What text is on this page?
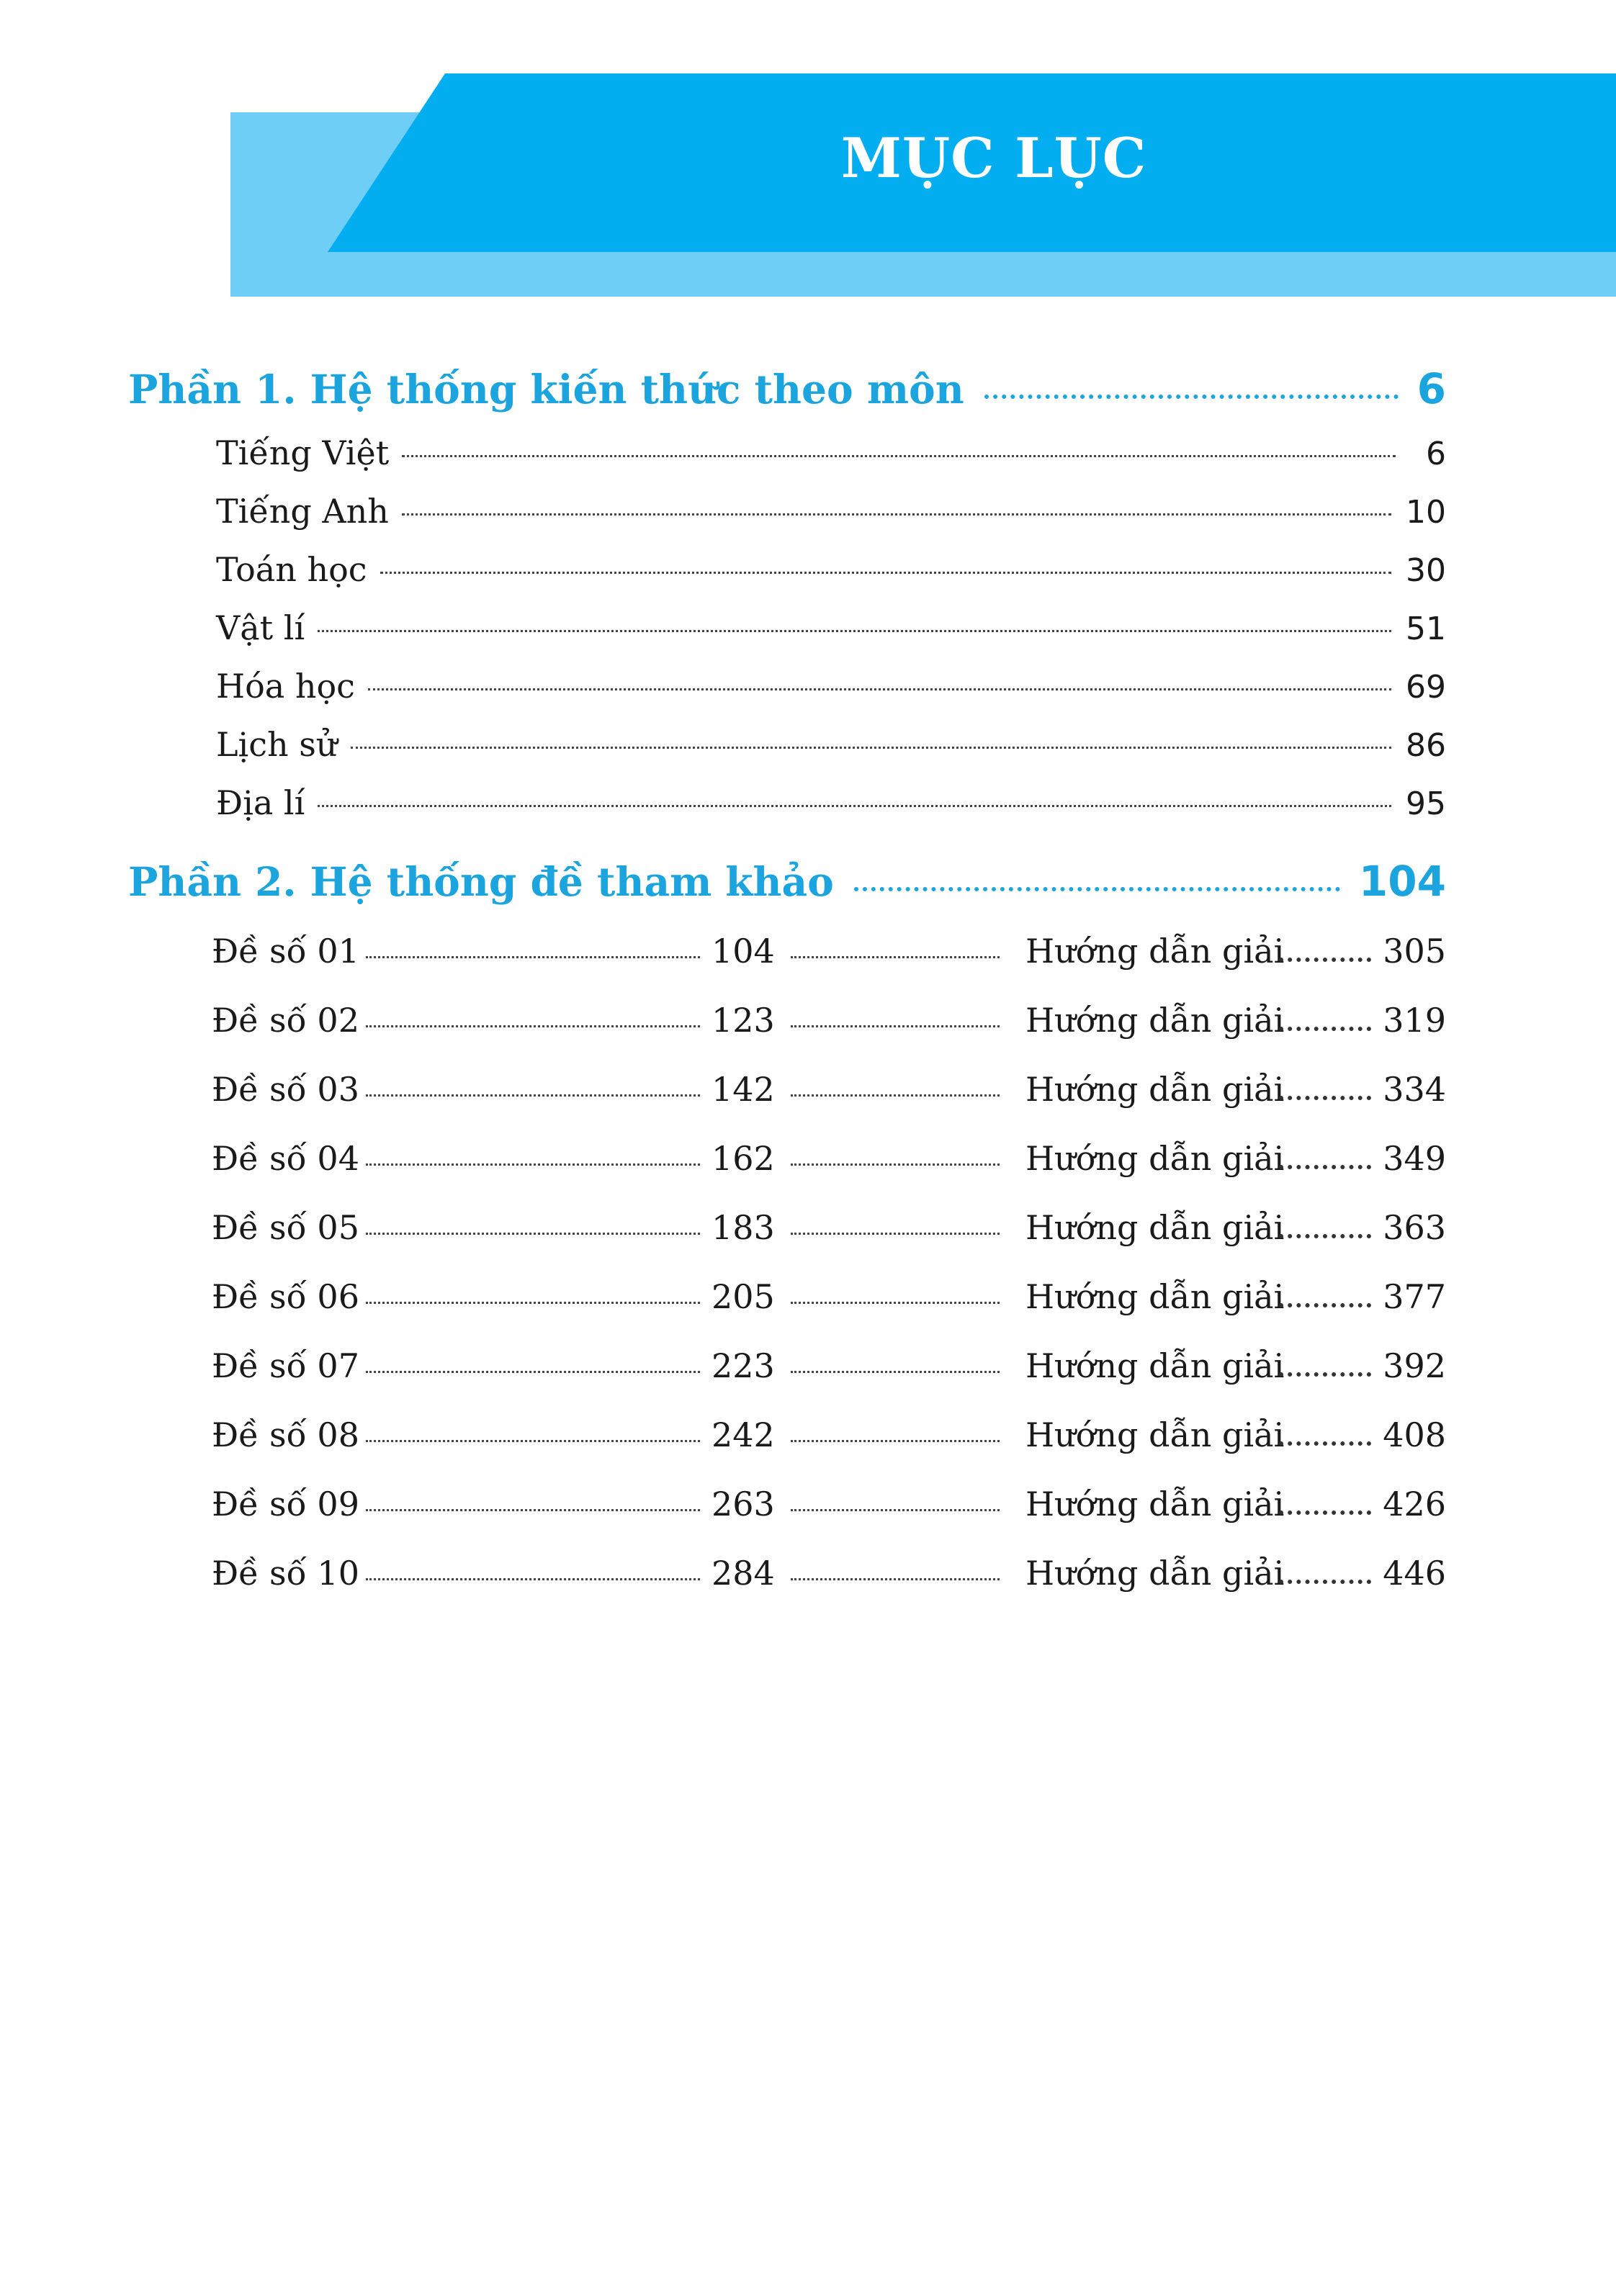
MỤC LỤC
Phần 1. Hệ thống kiến thức theo môn	6
Tiếng Việt	6
Tiếng Anh	10
Toán học	30
Vật lí	51
Hóa học	69
Lịch sử	86
Địa lí	95
Phần 2. Hệ thống đề tham khảo	104
Đề số 01	104	Hướng dẫn giải	305
Đề số 02	123	Hướng dẫn giải	319
Đề số 03	142	Hướng dẫn giải	334
Đề số 04	162	Hướng dẫn giải	349
Đề số 05	183	Hướng dẫn giải	363
Đề số 06	205	Hướng dẫn giải	377
Đề số 07	223	Hướng dẫn giải	392
Đề số 08	242	Hướng dẫn giải	408
Đề số 09	263	Hướng dẫn giải	426
Đề số 10	284	Hướng dẫn giải	446
